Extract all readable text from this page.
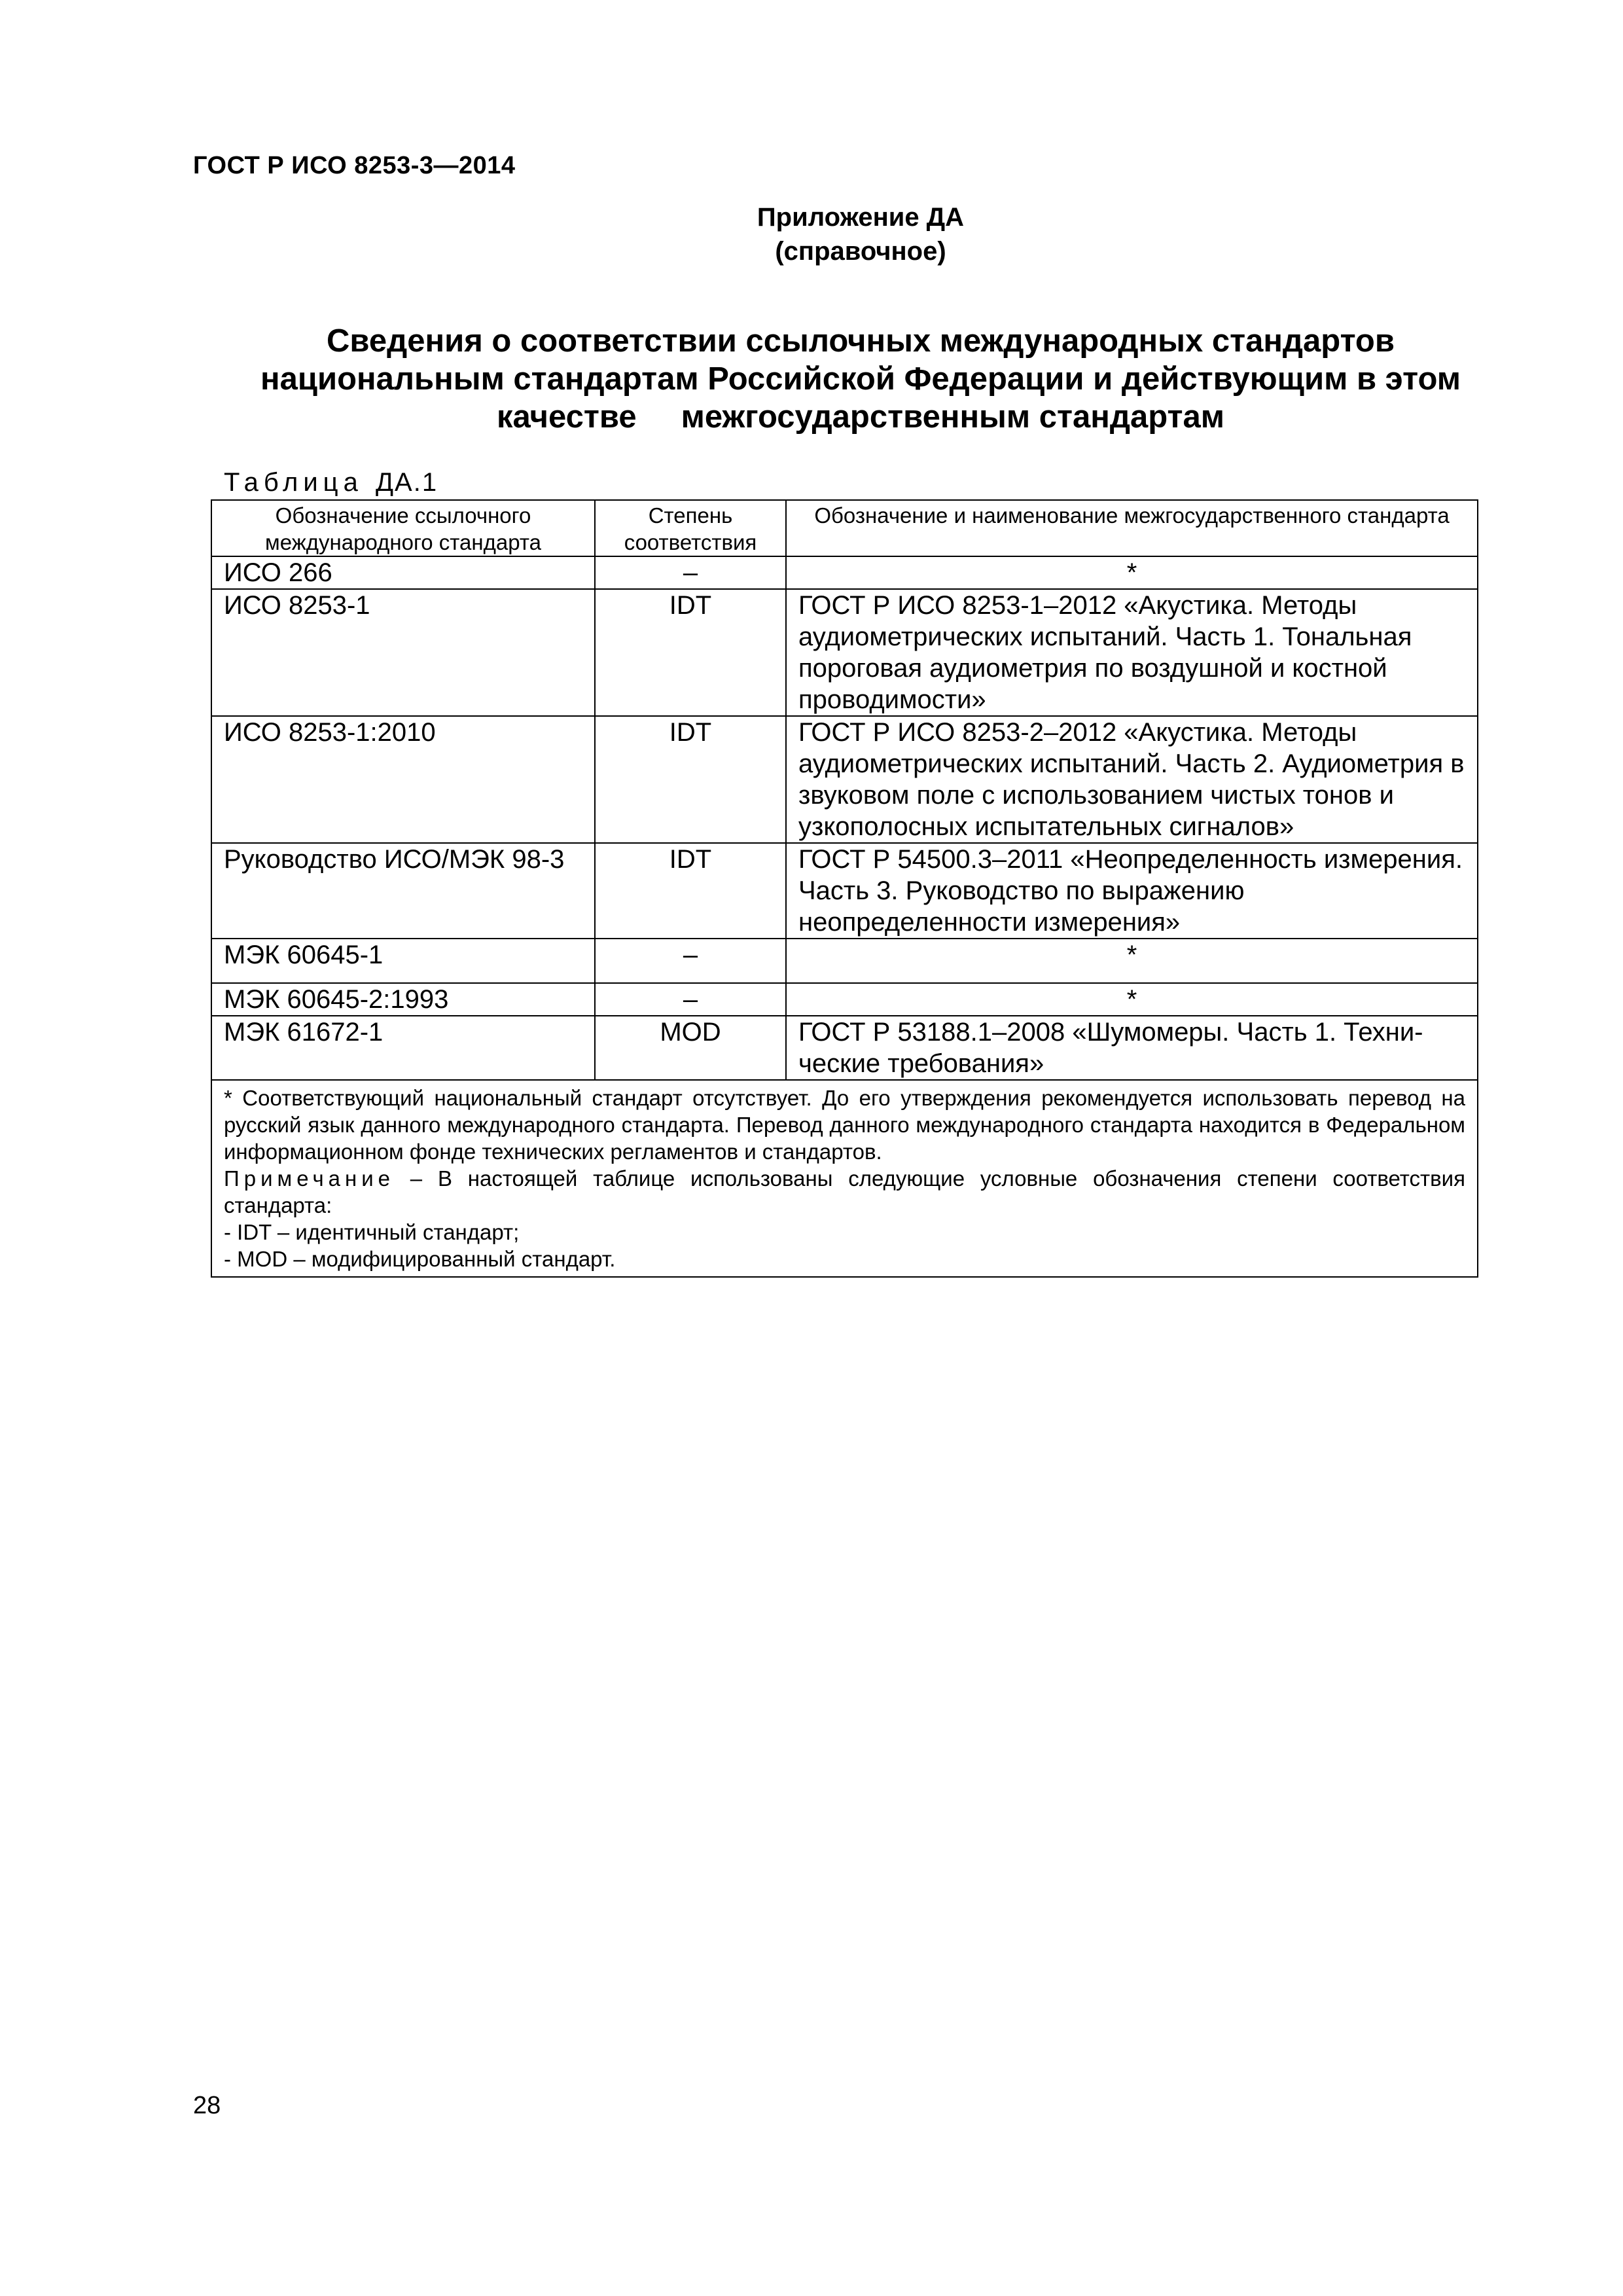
ГОСТ Р ИСО 8253-3—2014
Приложение ДА
(справочное)
Сведения о соответствии ссылочных международных стандартов
национальным стандартам Российской Федерации и действующим в этом
качестве     межгосударственным стандартам
Таблица ДА.1
Обозначение ссылочного международного стандарта	Степень соответствия	Обозначение и наименование межгосударственного стандарта
ИСО 266	–	*
ИСО 8253-1	IDT	ГОСТ Р ИСО 8253-1–2012 «Акустика. Методы аудиометрических испытаний. Часть 1. Тональная пороговая аудиометрия по воздушной и костной проводимости»
ИСО 8253-1:2010	IDT	ГОСТ Р ИСО 8253-2–2012 «Акустика. Методы аудиометрических испытаний. Часть 2. Аудиометрия в звуковом поле с использованием чистых тонов и узкополосных испытательных сигналов»
Руководство ИСО/МЭК 98-3	IDT	ГОСТ Р 54500.3–2011 «Неопределенность измерения. Часть 3. Руководство по выражению неопределенности измерения»
МЭК 60645-1	–	*
МЭК 60645-2:1993	–	*
МЭК 61672-1	MOD	ГОСТ Р 53188.1–2008 «Шумомеры. Часть 1. Технические требования»

* Соответствующий национальный стандарт отсутствует. До его утверждения рекомендуется использовать перевод на русский язык данного международного стандарта. Перевод данного международного стандарта находится в Федеральном информационном фонде технических регламентов и стандартов.
Примечание – В настоящей таблице использованы следующие условные обозначения степени соответствия стандарта:
- IDT – идентичный стандарт;
- MOD – модифицированный стандарт.		
28
